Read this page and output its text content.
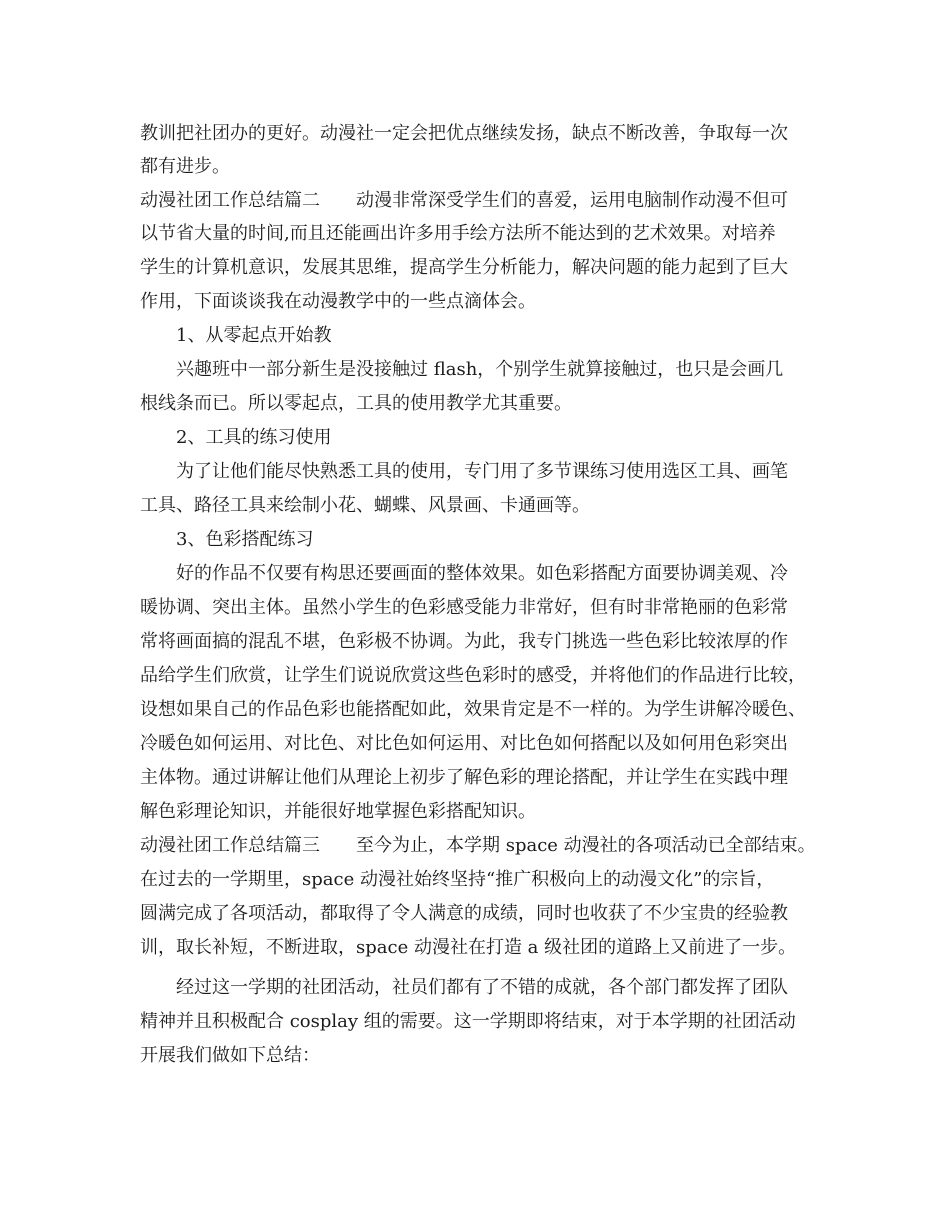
教训把社团办的更好。动漫社一定会把优点继续发扬，缺点不断改善，争取每一次
都有进步。
动漫社团工作总结篇二　　动漫非常深受学生们的喜爱，运用电脑制作动漫不但可
以节省大量的时间,而且还能画出许多用手绘方法所不能达到的艺术效果。对培养
学生的计算机意识，发展其思维，提高学生分析能力，解决问题的能力起到了巨大
作用，下面谈谈我在动漫教学中的一些点滴体会。
1、从零起点开始教
兴趣班中一部分新生是没接触过 flash，个别学生就算接触过，也只是会画几
根线条而已。所以零起点，工具的使用教学尤其重要。
2、工具的练习使用
为了让他们能尽快熟悉工具的使用，专门用了多节课练习使用选区工具、画笔
工具、路径工具来绘制小花、蝴蝶、风景画、卡通画等。
3、色彩搭配练习
好的作品不仅要有构思还要画面的整体效果。如色彩搭配方面要协调美观、冷
暖协调、突出主体。虽然小学生的色彩感受能力非常好，但有时非常艳丽的色彩常
常将画面搞的混乱不堪，色彩极不协调。为此，我专门挑选一些色彩比较浓厚的作
品给学生们欣赏，让学生们说说欣赏这些色彩时的感受，并将他们的作品进行比较，
设想如果自己的作品色彩也能搭配如此，效果肯定是不一样的。为学生讲解冷暖色、
冷暖色如何运用、对比色、对比色如何运用、对比色如何搭配以及如何用色彩突出
主体物。通过讲解让他们从理论上初步了解色彩的理论搭配，并让学生在实践中理
解色彩理论知识，并能很好地掌握色彩搭配知识。
动漫社团工作总结篇三　　至今为止，本学期 space 动漫社的各项活动已全部结束。
在过去的一学期里，space 动漫社始终坚持“推广积极向上的动漫文化”的宗旨，
圆满完成了各项活动，都取得了令人满意的成绩，同时也收获了不少宝贵的经验教
训，取长补短，不断进取，space 动漫社在打造 a 级社团的道路上又前进了一步。
经过这一学期的社团活动，社员们都有了不错的成就，各个部门都发挥了团队
精神并且积极配合 cosplay 组的需要。这一学期即将结束，对于本学期的社团活动
开展我们做如下总结：
